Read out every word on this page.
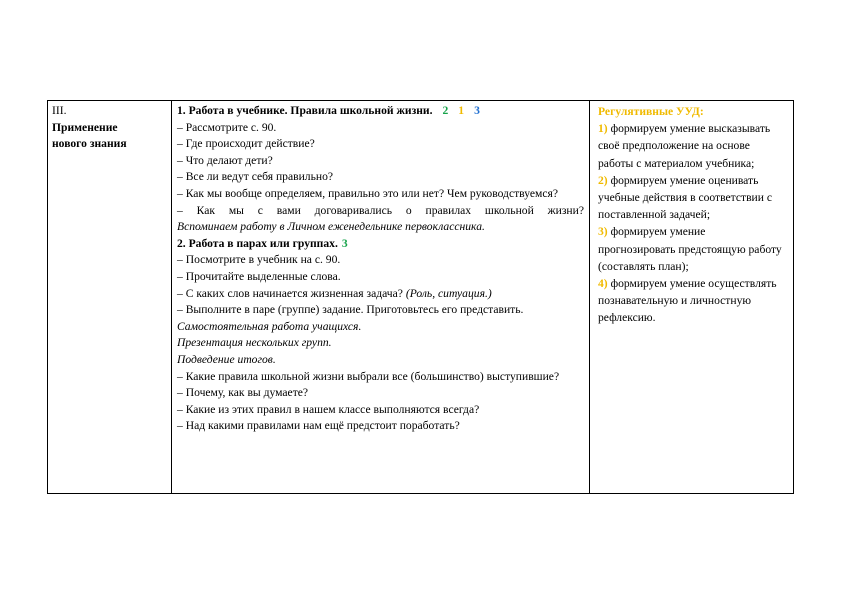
III.
Применение
нового знания
1. Работа в учебнике. Правила школьной жизни. 2 1 3
– Рассмотрите с. 90.
– Где происходит действие?
– Что делают дети?
– Все ли ведут себя правильно?
– Как мы вообще определяем, правильно это или нет? Чем руководствуемся?
– Как мы с вами договаривались о правилах школьной жизни?
Вспоминаем работу в Личном еженедельнике первоклассника.
2. Работа в парах или группах. 3
– Посмотрите в учебник на с. 90.
– Прочитайте выделенные слова.
– С каких слов начинается жизненная задача? (Роль, ситуация.)
– Выполните в паре (группе) задание. Приготовьтесь его представить.
Самостоятельная работа учащихся.
Презентация нескольких групп.
Подведение итогов.
– Какие правила школьной жизни выбрали все (большинство) выступившие?
– Почему, как вы думаете?
– Какие из этих правил в нашем классе выполняются всегда?
– Над какими правилами нам ещё предстоит поработать?
Регулятивные УУД:
1) формируем умение высказывать своё предположение на основе работы с материалом учебника;
2) формируем умение оценивать учебные действия в соответствии с поставленной задачей;
3) формируем умение прогнозировать предстоящую работу (составлять план);
4) формируем умение осуществлять познавательную и личностную рефлексию.
